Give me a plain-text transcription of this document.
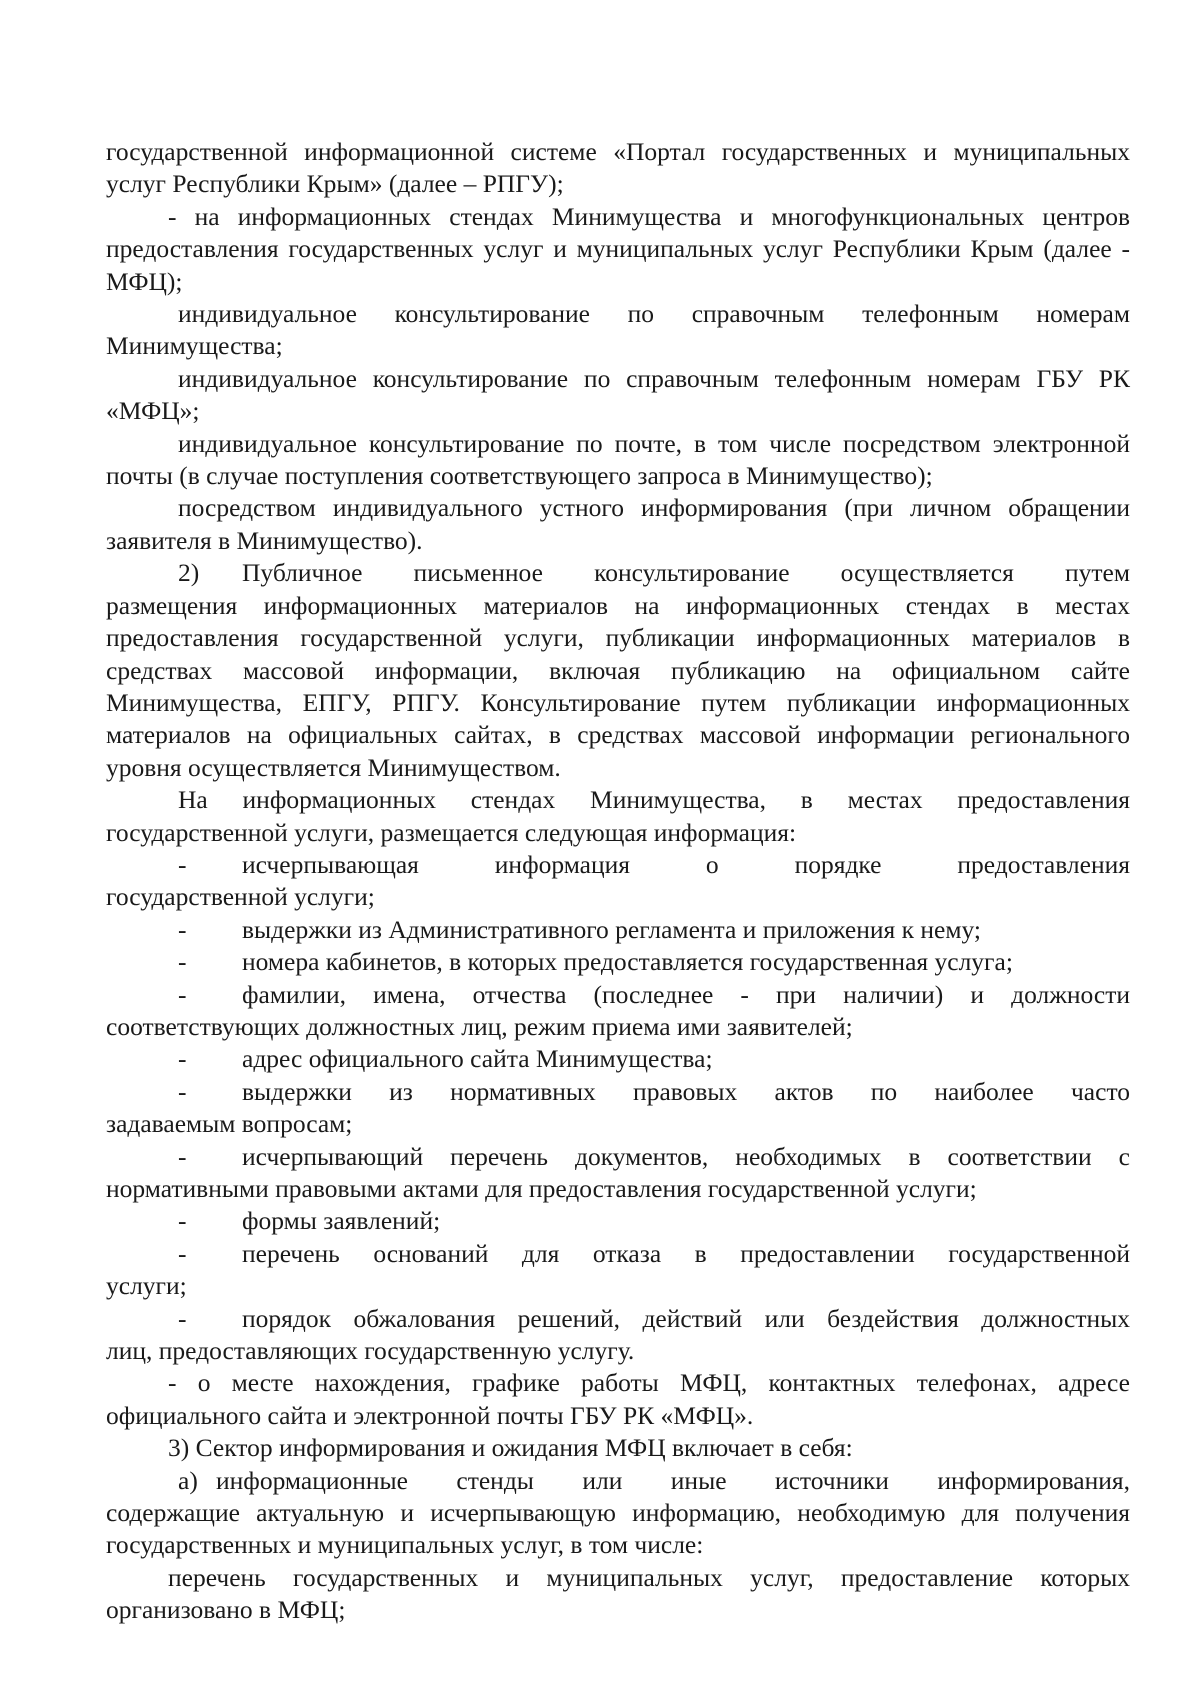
государственной информационной системе «Портал государственных и муниципальных услуг Республики Крым» (далее – РПГУ);

- на информационных стендах Минимущества и многофункциональных центров предоставления государственных услуг и муниципальных услуг Республики Крым (далее - МФЦ);

индивидуальное консультирование по справочным телефонным номерам Минимущества;

индивидуальное консультирование по справочным телефонным номерам ГБУ РК «МФЦ»;

индивидуальное консультирование по почте, в том числе посредством электронной почты (в случае поступления соответствующего запроса в Минимущество);

посредством индивидуального устного информирования (при личном обращении заявителя в Минимущество).

2)	Публичное письменное консультирование осуществляется путем

размещения информационных материалов на информационных стендах в местах предоставления государственной услуги, публикации информационных материалов в средствах массовой информации, включая публикацию на официальном сайте Минимущества, ЕПГУ, РПГУ. Консультирование путем публикации информационных материалов на официальных сайтах, в средствах массовой информации регионального уровня осуществляется Минимуществом.

На информационных стендах Минимущества, в местах предоставления государственной услуги, размещается следующая информация:

-	исчерпывающая информация о порядке предоставления

государственной услуги;

-	выдержки из Административного регламента и приложения к нему;
-	номера кабинетов, в которых предоставляется государственная услуга;
-	фамилии, имена, отчества (последнее - при наличии) и должности

соответствующих должностных лиц, режим приема ими заявителей;

-	адрес официального сайта Минимущества;
-	выдержки из нормативных правовых актов по наиболее часто

задаваемым вопросам;

-	исчерпывающий перечень документов, необходимых в соответствии с

нормативными правовыми актами для предоставления государственной услуги;

-	формы заявлений;
-	перечень оснований для отказа в предоставлении государственной

услуги;

-	порядок обжалования решений, действий или бездействия должностных

лиц, предоставляющих государственную услугу.

- о месте нахождения, графике работы МФЦ, контактных телефонах, адресе официального сайта и электронной почты ГБУ РК «МФЦ».

3) Сектор информирования и ожидания МФЦ включает в себя:

а) информационные стенды или иные источники информирования,

содержащие актуальную и исчерпывающую информацию, необходимую для получения государственных и муниципальных услуг, в том числе:

перечень государственных и муниципальных услуг, предоставление которых организовано в МФЦ;
